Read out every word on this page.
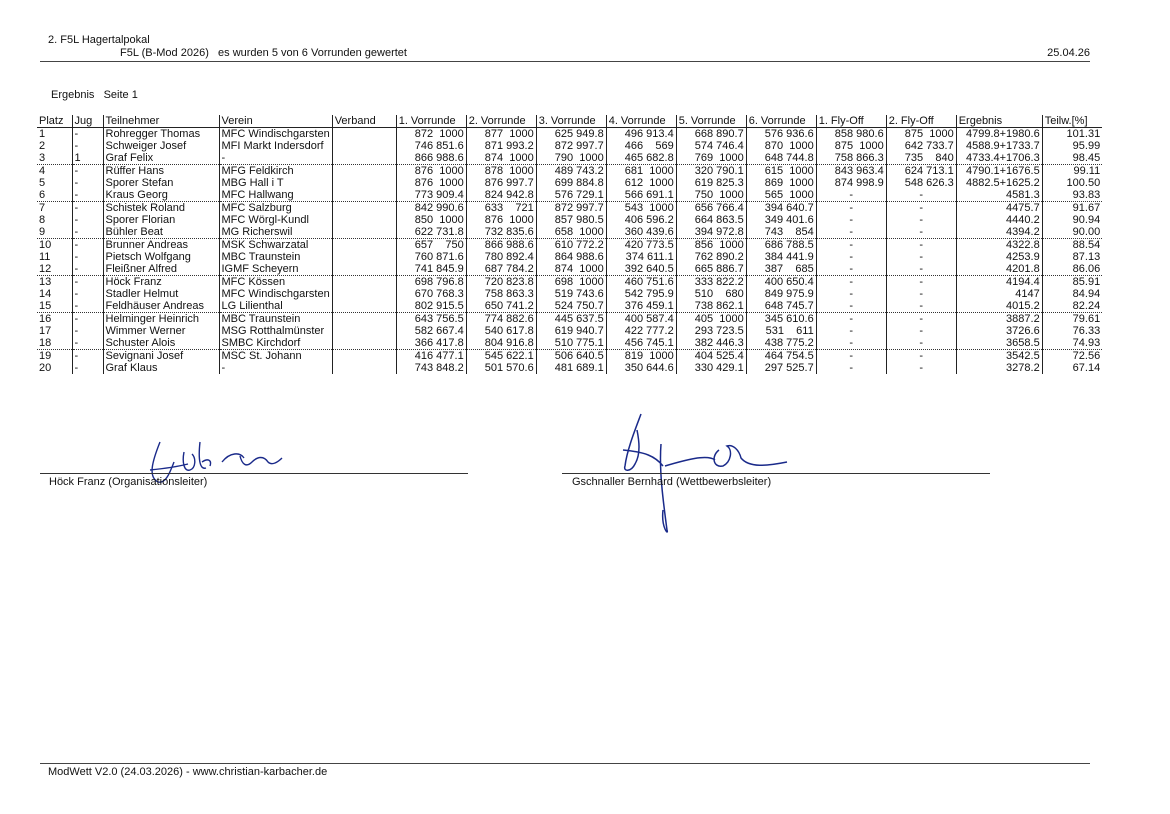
2. F5L Hagertalpokal
F5L (B-Mod 2026)   es wurden 5 von 6 Vorrunden gewertet	25.04.26
Ergebnis   Seite 1
Platz	Jug	Teilnehmer	Verein	Verband	1. Vorrunde	2. Vorrunde	3. Vorrunde	4. Vorrunde	5. Vorrunde	6. Vorrunde	1. Fly-Off	2. Fly-Off	Ergebnis	Teilw.[%]
1	-	Rohregger Thomas	MFC Windischgarsten		872  1000	877  1000	625 949.8	496 913.4	668 890.7	576 936.6	858 980.6	875  1000	4799.8+1980.6	101.31
2	-	Schweiger Josef	MFI Markt Indersdorf		746 851.6	871 993.2	872 997.7	466    569	574 746.4	870  1000	875  1000	642 733.7	4588.9+1733.7	95.99
3	1	Graf Felix	-		866 988.6	874  1000	790  1000	465 682.8	769  1000	648 744.8	758 866.3	735    840	4733.4+1706.3	98.45
4	-	Rüffer Hans	MFG Feldkirch		876  1000	878  1000	489 743.2	681  1000	320 790.1	615  1000	843 963.4	624 713.1	4790.1+1676.5	99.11
5	-	Sporer Stefan	MBG Hall i T		876  1000	876 997.7	699 884.8	612  1000	619 825.3	869  1000	874 998.9	548 626.3	4882.5+1625.2	100.50
6	-	Kraus Georg	MFC Hallwang		773 909.4	824 942.8	576 729.1	566 691.1	750  1000	565  1000	-	-	4581.3	93.83
7	-	Schistek Roland	MFC Salzburg		842 990.6	633    721	872 997.7	543  1000	656 766.4	394 640.7	-	-	4475.7	91.67
8	-	Sporer Florian	MFC Wörgl-Kundl		850  1000	876  1000	857 980.5	406 596.2	664 863.5	349 401.6	-	-	4440.2	90.94
9	-	Bühler Beat	MG Richerswil		622 731.8	732 835.6	658  1000	360 439.6	394 972.8	743    854	-	-	4394.2	90.00
10	-	Brunner Andreas	MSK Schwarzatal		657    750	866 988.6	610 772.2	420 773.5	856  1000	686 788.5	-	-	4322.8	88.54
11	-	Pietsch Wolfgang	MBC Traunstein		760 871.6	780 892.4	864 988.6	374 611.1	762 890.2	384 441.9	-	-	4253.9	87.13
12	-	Fleißner Alfred	IGMF Scheyern		741 845.9	687 784.2	874  1000	392 640.5	665 886.7	387    685	-	-	4201.8	86.06
13	-	Höck Franz	MFC Kössen		698 796.8	720 823.8	698  1000	460 751.6	333 822.2	400 650.4	-	-	4194.4	85.91
14	-	Stadler Helmut	MFC Windischgarsten		670 768.3	758 863.3	519 743.6	542 795.9	510    680	849 975.9	-	-	4147	84.94
15	-	Feldhäuser Andreas	LG Lilienthal		802 915.5	650 741.2	524 750.7	376 459.1	738 862.1	648 745.7	-	-	4015.2	82.24
16	-	Helminger Heinrich	MBC Traunstein		643 756.5	774 882.6	445 637.5	400 587.4	405  1000	345 610.6	-	-	3887.2	79.61
17	-	Wimmer Werner	MSG Rotthalmünster		582 667.4	540 617.8	619 940.7	422 777.2	293 723.5	531    611	-	-	3726.6	76.33
18	-	Schuster Alois	SMBC Kirchdorf		366 417.8	804 916.8	510 775.1	456 745.1	382 446.3	438 775.2	-	-	3658.5	74.93
19	-	Sevignani Josef	MSC St. Johann		416 477.1	545 622.1	506 640.5	819  1000	404 525.4	464 754.5	-	-	3542.5	72.56
20	-	Graf Klaus	-		743 848.2	501 570.6	481 689.1	350 644.6	330 429.1	297 525.7	-	-	3278.2	67.14
Höck Franz (Organisationsleiter)	Gschnaller Bernhard (Wettbewerbsleiter)
ModWett V2.0 (24.03.2026) - www.christian-karbacher.de
